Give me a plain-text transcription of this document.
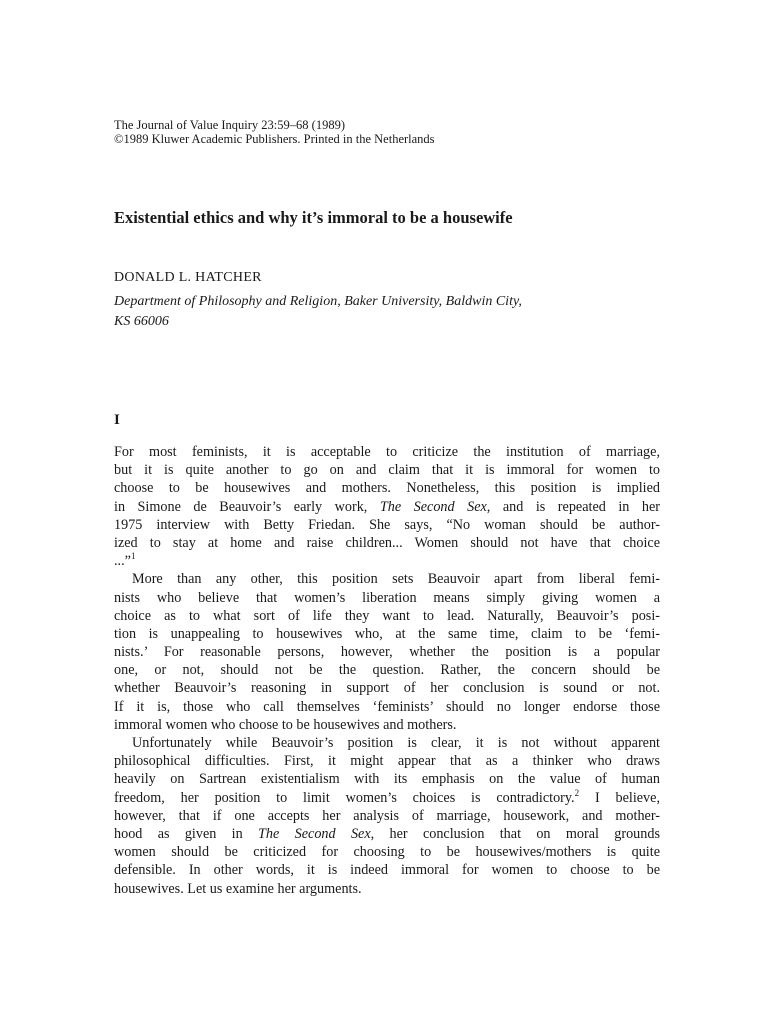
The Journal of Value Inquiry 23:59–68 (1989)
©1989 Kluwer Academic Publishers. Printed in the Netherlands
Existential ethics and why it’s immoral to be a housewife
DONALD L. HATCHER
Department of Philosophy and Religion, Baker University, Baldwin City,
KS 66006
I
For most feminists, it is acceptable to criticize the institution of marriage,
but it is quite another to go on and claim that it is immoral for women to
choose to be housewives and mothers. Nonetheless, this position is implied
in Simone de Beauvoir’s early work, The Second Sex, and is repeated in her
1975 interview with Betty Friedan. She says, “No woman should be author-
ized to stay at home and raise children... Women should not have that choice
...”$^1$
More than any other, this position sets Beauvoir apart from liberal femi-
nists who believe that women’s liberation means simply giving women a
choice as to what sort of life they want to lead. Naturally, Beauvoir’s posi-
tion is unappealing to housewives who, at the same time, claim to be ‘femi-
nists.’ For reasonable persons, however, whether the position is a popular
one, or not, should not be the question. Rather, the concern should be
whether Beauvoir’s reasoning in support of her conclusion is sound or not.
If it is, those who call themselves ‘feminists’ should no longer endorse those
immoral women who choose to be housewives and mothers.
Unfortunately while Beauvoir’s position is clear, it is not without apparent
philosophical difficulties. First, it might appear that as a thinker who draws
heavily on Sartrean existentialism with its emphasis on the value of human
freedom, her position to limit women’s choices is contradictory.$^2$ I believe,
however, that if one accepts her analysis of marriage, housework, and mother-
hood as given in The Second Sex, her conclusion that on moral grounds
women should be criticized for choosing to be housewives/mothers is quite
defensible. In other words, it is indeed immoral for women to choose to be
housewives. Let us examine her arguments.
